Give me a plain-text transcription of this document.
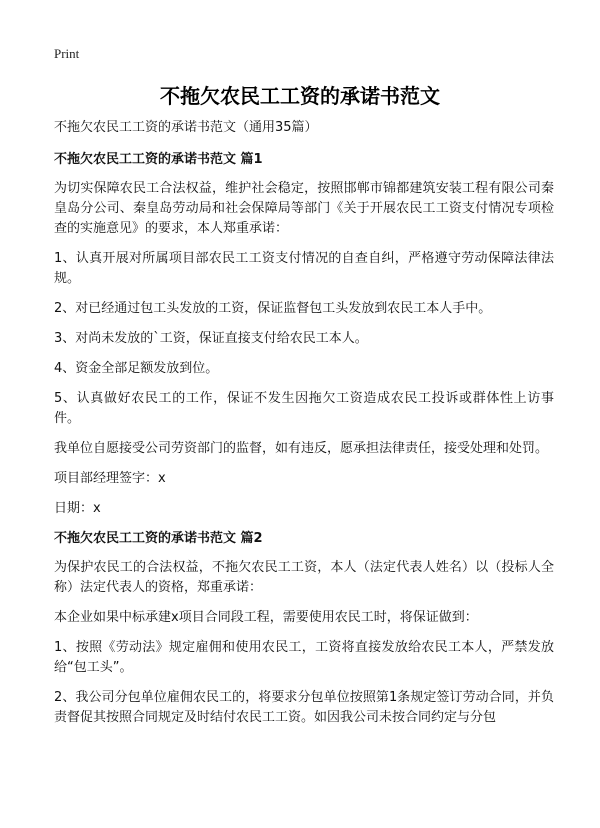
Print
不拖欠农民工工资的承诺书范文

不拖欠农民工工资的承诺书范文（通用35篇）

不拖欠农民工工资的承诺书范文 篇1

为切实保障农民工合法权益，维护社会稳定，按照邯郸市锦都建筑安装工程有限公司秦皇岛分公司、秦皇岛劳动局和社会保障局等部门《关于开展农民工工资支付情况专项检查的实施意见》的要求，本人郑重承诺：

1、认真开展对所属项目部农民工工资支付情况的自查自纠，严格遵守劳动保障法律法规。

2、对已经通过包工头发放的工资，保证监督包工头发放到农民工本人手中。

3、对尚未发放的`工资，保证直接支付给农民工本人。

4、资金全部足额发放到位。

5、认真做好农民工的工作，保证不发生因拖欠工资造成农民工投诉或群体性上访事件。

我单位自愿接受公司劳资部门的监督，如有违反，愿承担法律责任，接受处理和处罚。

项目部经理签字：x

日期：x

不拖欠农民工工资的承诺书范文 篇2

为保护农民工的合法权益，不拖欠农民工工资，本人（法定代表人姓名）以（投标人全称）法定代表人的资格，郑重承诺：

本企业如果中标承建x项目合同段工程，需要使用农民工时，将保证做到：

1、按照《劳动法》规定雇佣和使用农民工，工资将直接发放给农民工本人，严禁发放给“包工头”。

2、我公司分包单位雇佣农民工的，将要求分包单位按照第1条规定签订劳动合同，并负责督促其按照合同规定及时结付农民工工资。如因我公司未按合同约定与分包
